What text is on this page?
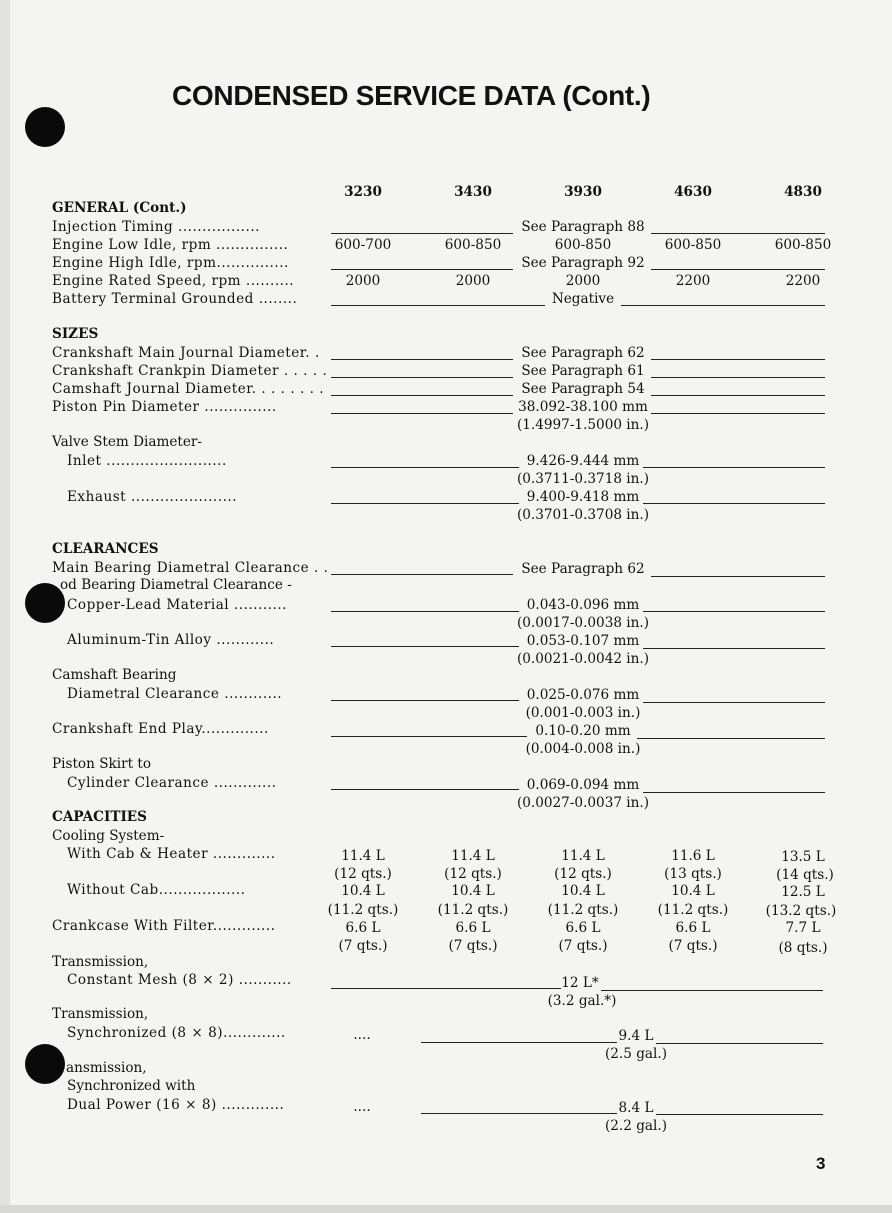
CONDENSED SERVICE DATA (Cont.)
3230	3430	3930	4630	4830
GENERAL (Cont.)
Injection Timing .................	See Paragraph 88
Engine Low Idle, rpm ...............	600-700	600-850	600-850	600-850	600-850
Engine High Idle, rpm...............	See Paragraph 92
Engine Rated Speed, rpm ..........	2000	2000	2000	2200	2200
Battery Terminal Grounded ........	Negative
SIZES
Crankshaft Main Journal Diameter. .	See Paragraph 62
Crankshaft Crankpin Diameter . . . . .	See Paragraph 61
Camshaft Journal Diameter. . . . . . . .	See Paragraph 54
Piston Pin Diameter ...............	38.092-38.100 mm
(1.4997-1.5000 in.)
Valve Stem Diameter-
Inlet .........................	9.426-9.444 mm
(0.3711-0.3718 in.)
Exhaust ......................	9.400-9.418 mm
(0.3701-0.3708 in.)
CLEARANCES
Main Bearing Diametral Clearance . .	See Paragraph 62
od Bearing Diametral Clearance -
Copper-Lead Material ...........	0.043-0.096 mm
(0.0017-0.0038 in.)
Aluminum-Tin Alloy ............	0.053-0.107 mm
(0.0021-0.0042 in.)
Camshaft Bearing
Diametral Clearance ............	0.025-0.076 mm
(0.001-0.003 in.)
Crankshaft End Play..............	0.10-0.20 mm
(0.004-0.008 in.)
Piston Skirt to
Cylinder Clearance .............	0.069-0.094 mm
(0.0027-0.0037 in.)
CAPACITIES
Cooling System-
With Cab & Heater .............	11.4 L	11.4 L	11.4 L	11.6 L	13.5 L
(12 qts.)	(12 qts.)	(12 qts.)	(13 qts.)	(14 qts.)
Without Cab..................	10.4 L	10.4 L	10.4 L	10.4 L	12.5 L
(11.2 qts.)	(11.2 qts.)	(11.2 qts.)	(11.2 qts.)	(13.2 qts.)
Crankcase With Filter.............	6.6 L	6.6 L	6.6 L	6.6 L	7.7 L
(7 qts.)	(7 qts.)	(7 qts.)	(7 qts.)	(8 qts.)
Transmission,
Constant Mesh (8 × 2) ...........	12 L*
(3.2 gal.*)
Transmission,
Synchronized (8 × 8).............	....	9.4 L
(2.5 gal.)
ansmission,
Synchronized with
Dual Power (16 × 8) .............	....	8.4 L
(2.2 gal.)
3
